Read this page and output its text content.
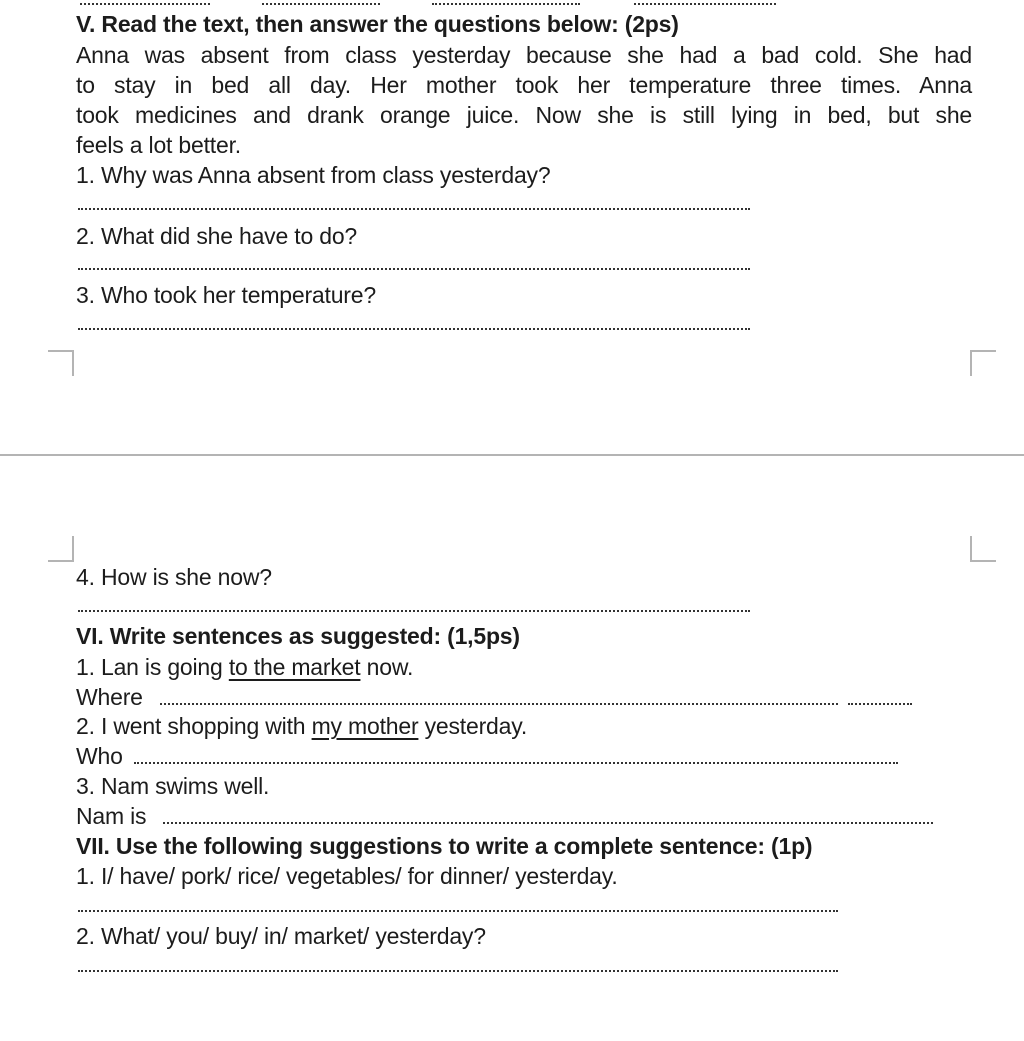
V. Read the text, then answer the questions below: (2ps)
Anna was absent from class yesterday because she had a bad cold. She had
to stay in bed all day. Her mother took her temperature three times. Anna
took medicines and drank orange juice. Now she is still lying in bed, but she
feels a lot better.
1. Why was Anna absent from class yesterday?
2. What did she have to do?
3. Who took her temperature?
4. How is she now?
VI. Write sentences as suggested: (1,5ps)
1. Lan is going to the market now.
Where
2. I went shopping with my mother yesterday.
Who
3. Nam swims well.
Nam is
VII. Use the following suggestions to write a complete sentence: (1p)
1. I/ have/ pork/ rice/ vegetables/ for dinner/ yesterday.
2. What/ you/ buy/ in/ market/ yesterday?
